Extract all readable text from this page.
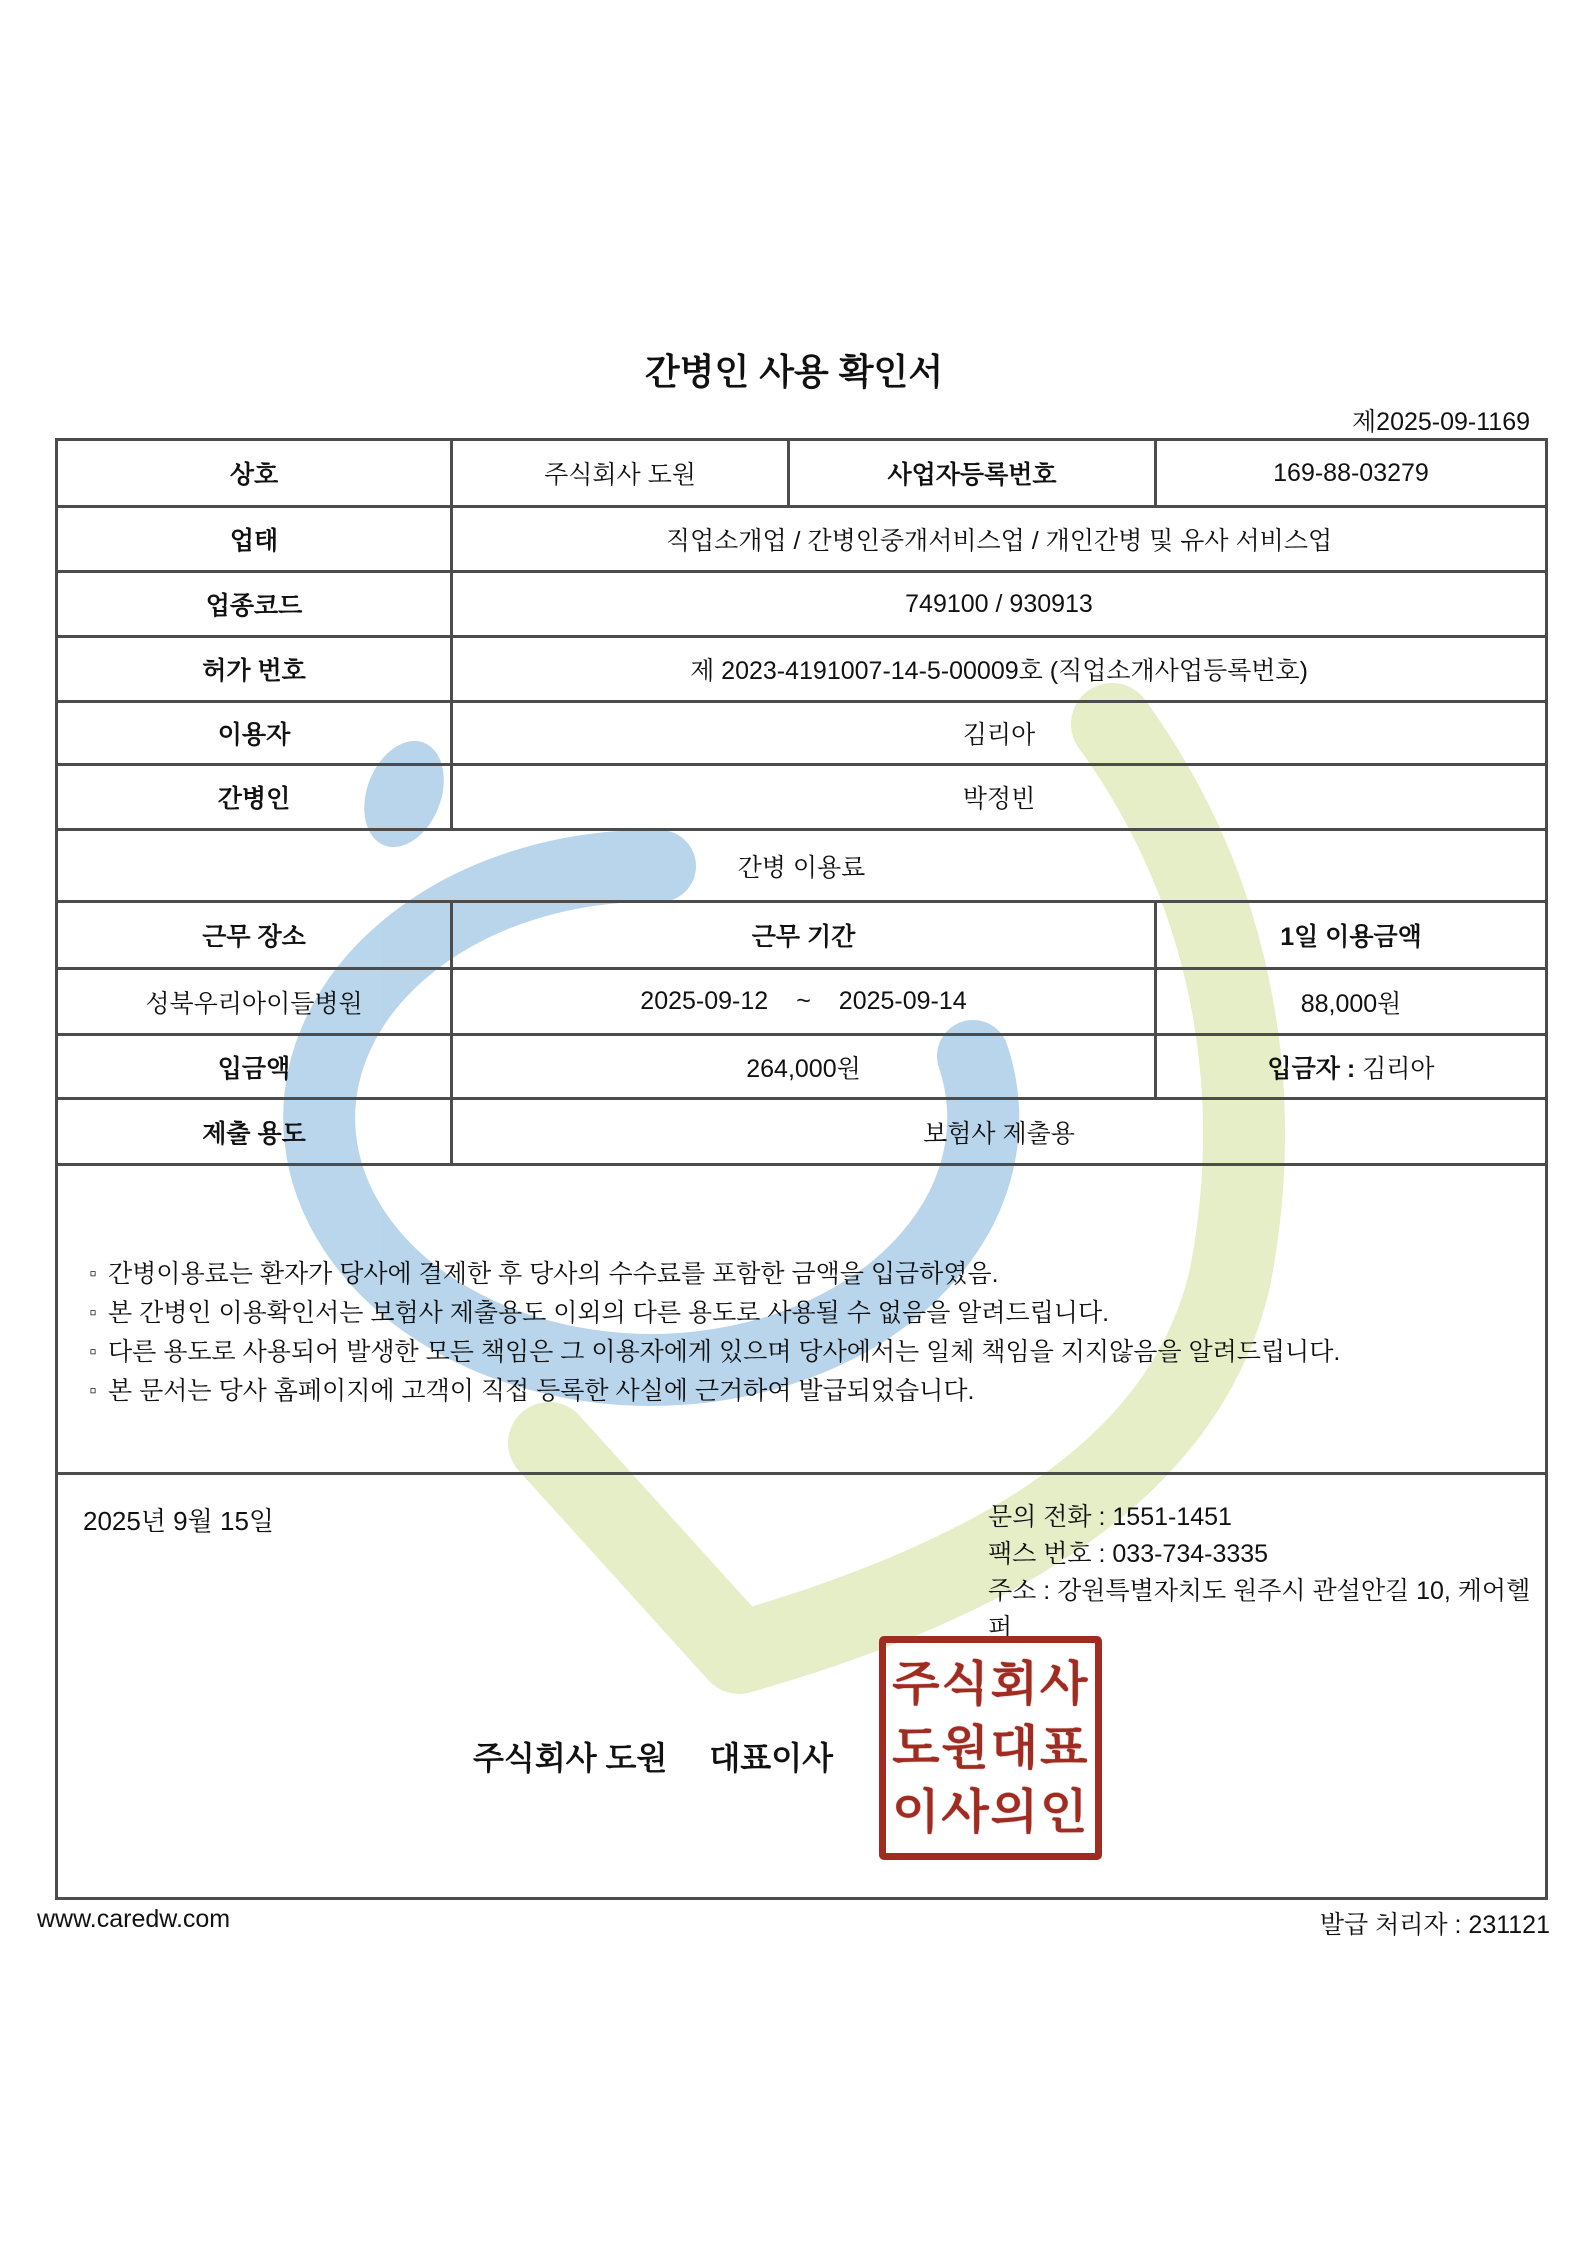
간병인 사용 확인서
제2025-09-1169
상호	주식회사 도원	사업자등록번호	169-88-03279
업태	직업소개업 / 간병인중개서비스업 / 개인간병 및 유사 서비스업		
업종코드	749100 / 930913		
허가 번호	제 2023-4191007-14-5-00009호 (직업소개사업등록번호)		
이용자	김리아		
간병인	박정빈		
간병 이용료			
근무 장소	근무 기간		1일 이용금액
성북우리아이들병원	2025-09-12 ~ 2025-09-14		88,000원
입금액	264,000원		입금자 : 김리아
제출 용도	보험사 제출용		

▫ 간병이용료는 환자가 당사에 결제한 후 당사의 수수료를 포함한 금액을 입금하였음.
▫ 본 간병인 이용확인서는 보험사 제출용도 이외의 다른 용도로 사용될 수 없음을 알려드립니다.
▫ 다른 용도로 사용되어 발생한 모든 책임은 그 이용자에게 있으며 당사에서는 일체 책임을 지지않음을 알려드립니다.
▫ 본 문서는 당사 홈페이지에 고객이 직접 등록한 사실에 근거하여 발급되었습니다.

2025년 9월 15일	문의 전화 : 1551-1451
팩스 번호 : 033-734-3335
주소 : 강원특별자치도 원주시 관설안길 10, 케어헬퍼
주식회사 도원 대표이사
주식회사
도원대표
이사의인
www.caredw.com	발급 처리자 : 231121
